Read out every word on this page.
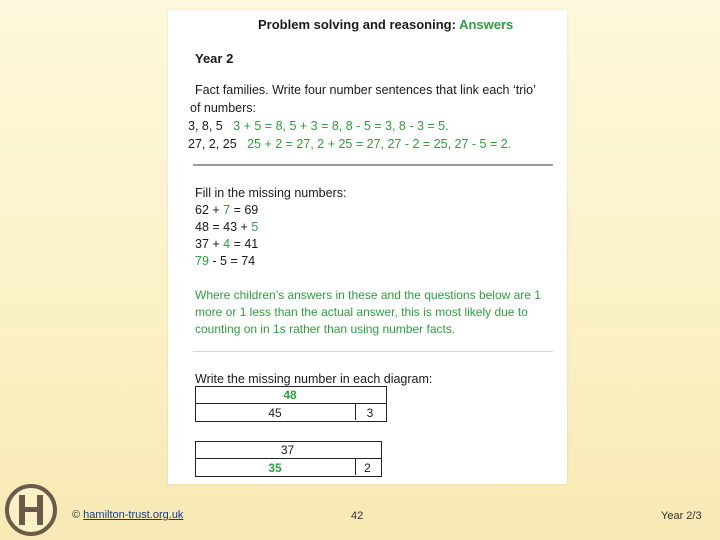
Problem solving and reasoning: Answers
Year 2
Fact families. Write four number sentences that link each ‘trio’
of numbers:
3, 8, 5 3 + 5 = 8, 5 + 3 = 8, 8 - 5 = 3, 8 - 3 = 5.
27, 2, 25 25 + 2 = 27, 2 + 25 = 27, 27 - 2 = 25, 27 - 5 = 2.
Fill in the missing numbers:
62 + 7 = 69
48 = 43 + 5
37 + 4 = 41
79 - 5 = 74
Where children’s answers in these and the questions below are 1 more or 1 less than the actual answer, this is most likely due to counting on in 1s rather than using number facts.
Write the missing number in each diagram:
48
45	3
37
35	2
© hamilton-trust.org.uk	42	Year 2/3
